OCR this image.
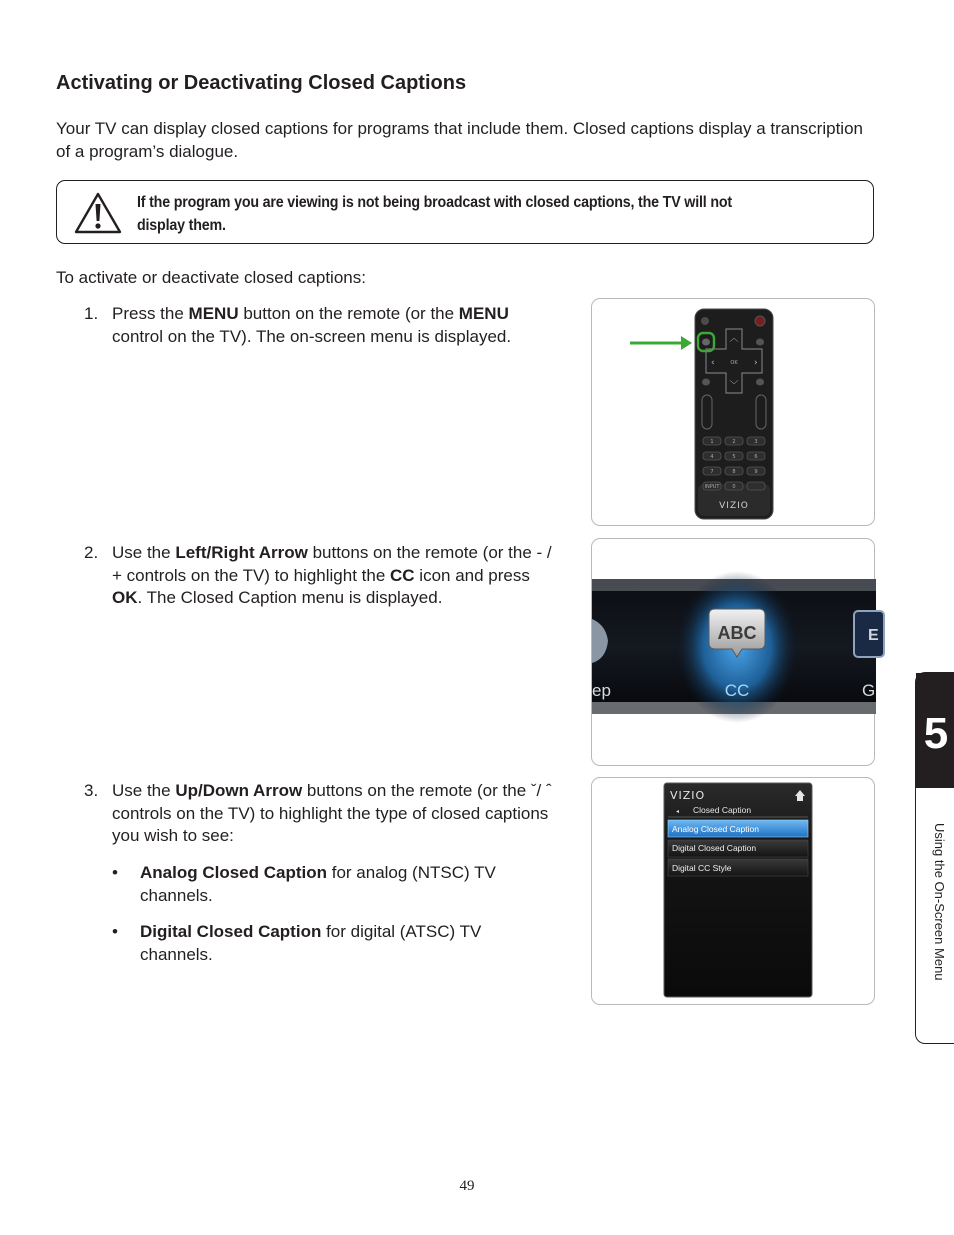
Activating or Deactivating Closed Captions

Your TV can display closed captions for programs that include them. Closed captions display a transcription of a program’s dialogue.

If the program you are viewing is not being broadcast with closed captions, the TV will not display them.

To activate or deactivate closed captions:

1. Press the MENU button on the remote (or the MENU control on the TV). The on-screen menu is displayed.
2. Use the Left/Right Arrow buttons on the remote (or the - / + controls on the TV) to highlight the CC icon and press OK. The Closed Caption menu is displayed.
3. Use the Up/Down Arrow buttons on the remote (or the ˇ/ ˆ controls on the TV) to highlight the type of closed captions you wish to see:
• Analog Closed Caption for analog (NTSC) TV channels.
• Digital Closed Caption for digital (ATSC) TV channels.
︿
OK
‹	›
﹀
1	2	3
4	5	6
7	8	9
0
INPUT
VIZIO
ep
ABC
CC
E
G
VIZIO
◂ Closed Caption
Analog Closed Caption
Digital Closed Caption
Digital CC Style
5
Using the On-Screen Menu
49
